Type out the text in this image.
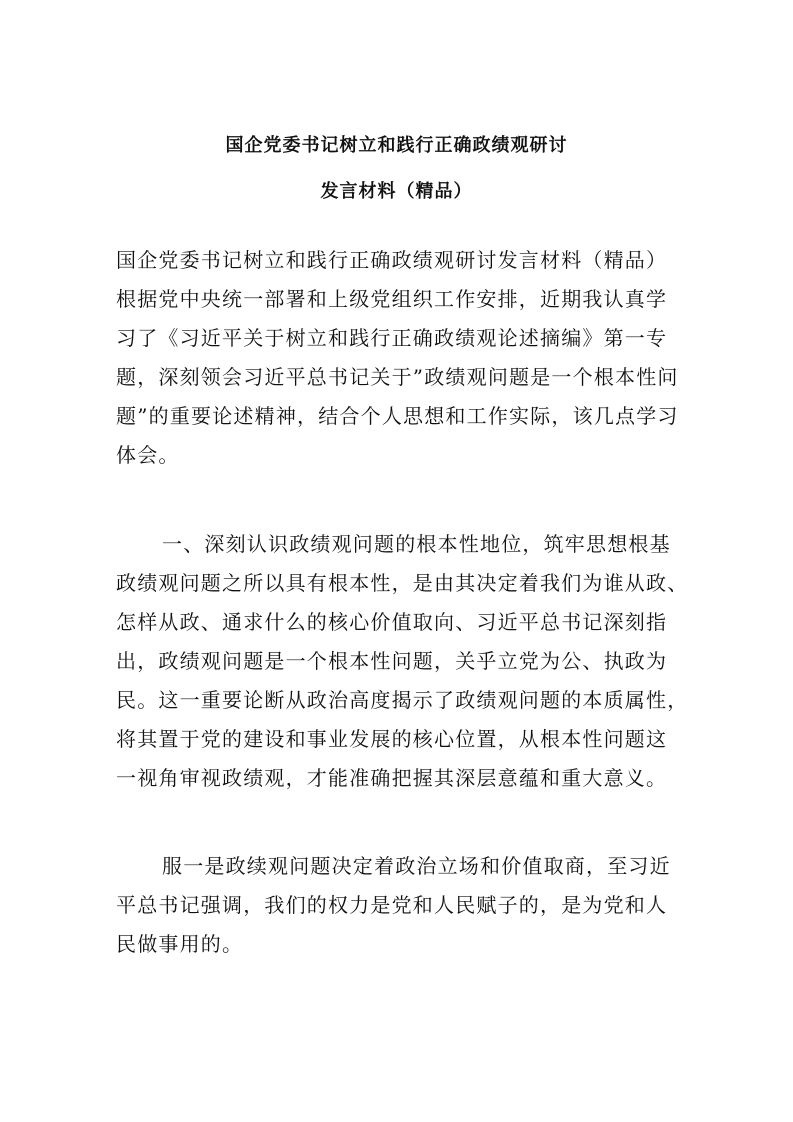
国企党委书记树立和践行正确政绩观研讨
发言材料（精品）
国企党委书记树立和践行正确政绩观研讨发言材料（精品）
根据党中央统一部署和上级党组织工作安排，近期我认真学
习了《习近平关于树立和践行正确政绩观论述摘编》第一专
题，深刻领会习近平总书记关于”政绩观问题是一个根本性问
题”的重要论述精神，结合个人思想和工作实际，该几点学习
体会。
一、深刻认识政绩观问题的根本性地位，筑牢思想根基
政绩观问题之所以具有根本性，是由其决定着我们为谁从政、
怎样从政、通求什么的核心价值取向、习近平总书记深刻指
出，政绩观问题是一个根本性问题，关乎立党为公、执政为
民。这一重要论断从政治高度揭示了政绩观问题的本质属性，
将其置于党的建设和事业发展的核心位置，从根本性问题这
一视角审视政绩观，才能准确把握其深层意蕴和重大意义。
服一是政续观问题决定着政治立场和价值取商，至习近
平总书记强调，我们的权力是党和人民赋子的，是为党和人
民做事用的。
